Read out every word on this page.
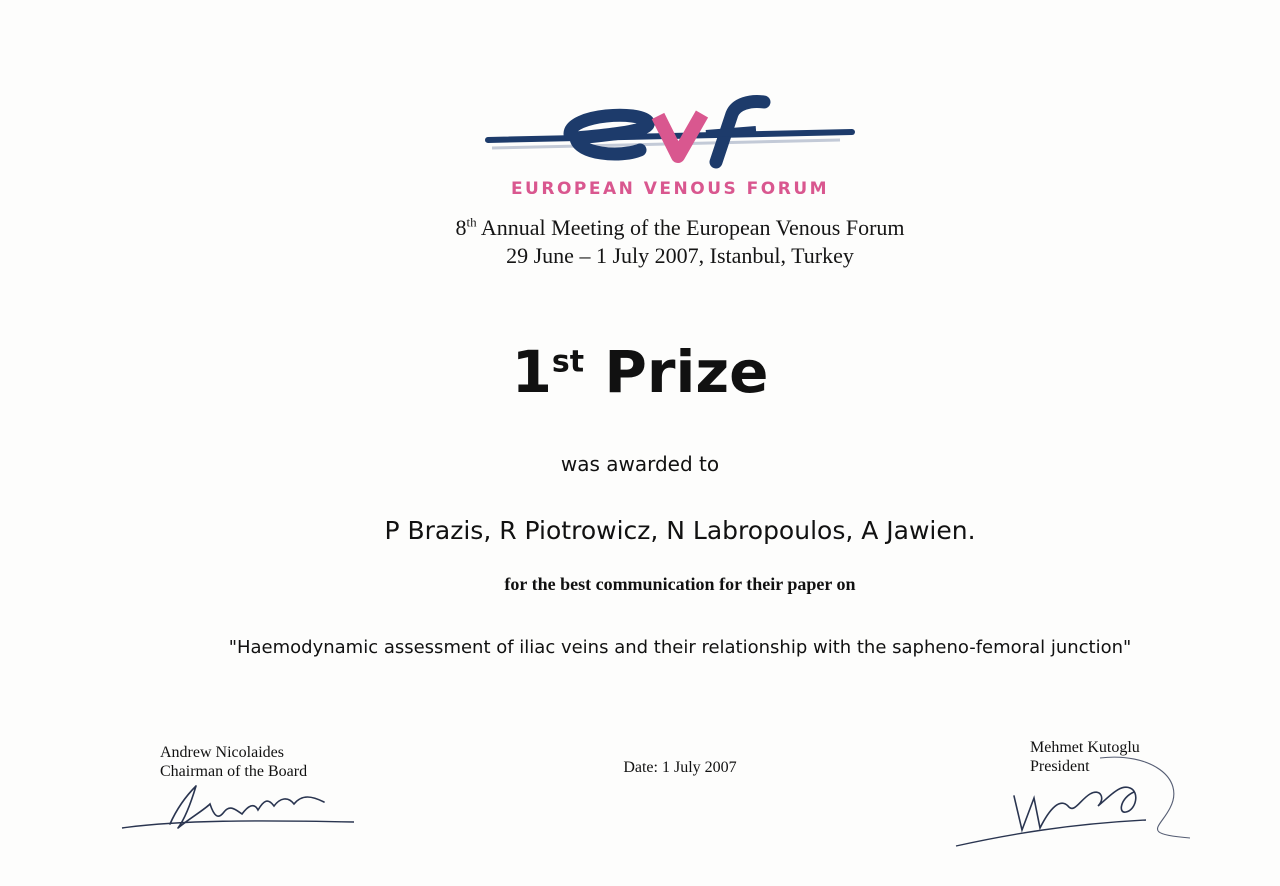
evf
EUROPEAN VENOUS FORUM
8th Annual Meeting of the European Venous Forum
29 June – 1 July 2007, Istanbul, Turkey
1st Prize
was awarded to
P Brazis, R Piotrowicz, N Labropoulos, A Jawien.
for the best communication for their paper on
"Haemodynamic assessment of iliac veins and their relationship with the sapheno-femoral junction"
Andrew Nicolaides
Chairman of the Board	Date: 1 July 2007
Mehmet Kutoglu
President
